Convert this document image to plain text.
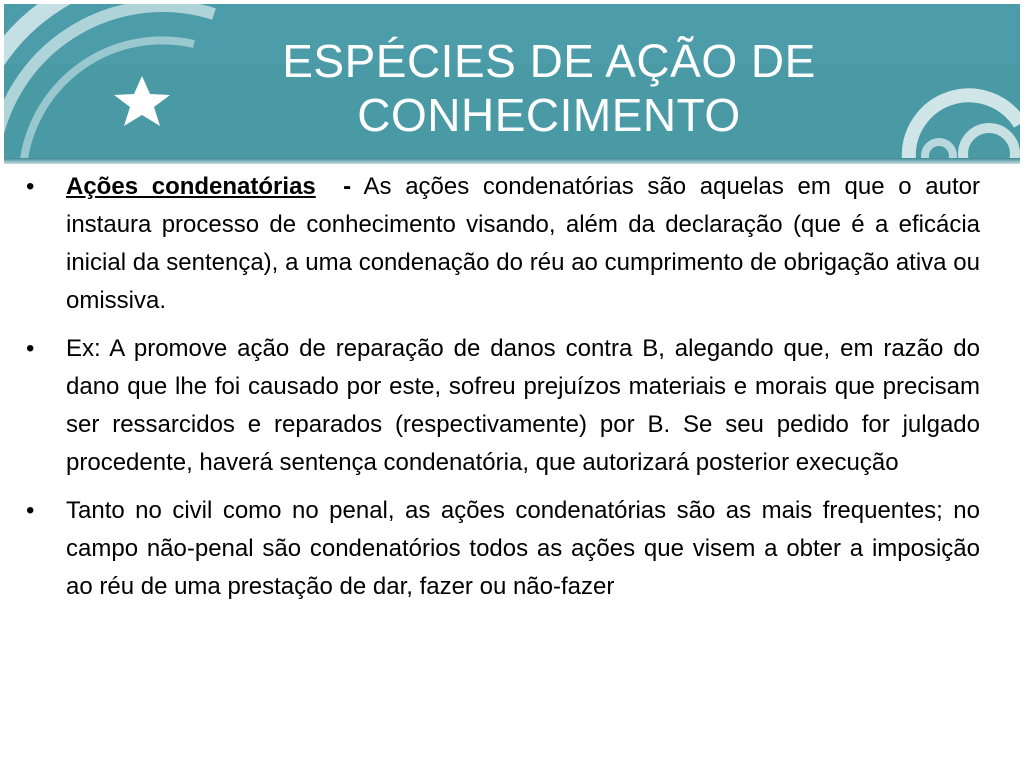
ESPÉCIES DE AÇÃO DE
CONHECIMENTO
•	Ações condenatórias - As ações condenatórias são aquelas em que o autor instaura processo de conhecimento visando, além da declaração (que é a eficácia inicial da sentença), a uma condenação do réu ao cumprimento de obrigação ativa ou omissiva.
•	Ex: A promove ação de reparação de danos contra B, alegando que, em razão do dano que lhe foi causado por este, sofreu prejuízos materiais e morais que precisam ser ressarcidos e reparados (respectivamente) por B. Se seu pedido for julgado procedente, haverá sentença condenatória, que autorizará posterior execução
•	Tanto no civil como no penal, as ações condenatórias são as mais frequentes; no campo não-penal são condenatórios todos as ações que visem a obter a imposição ao réu de uma prestação de dar, fazer ou não-fazer
